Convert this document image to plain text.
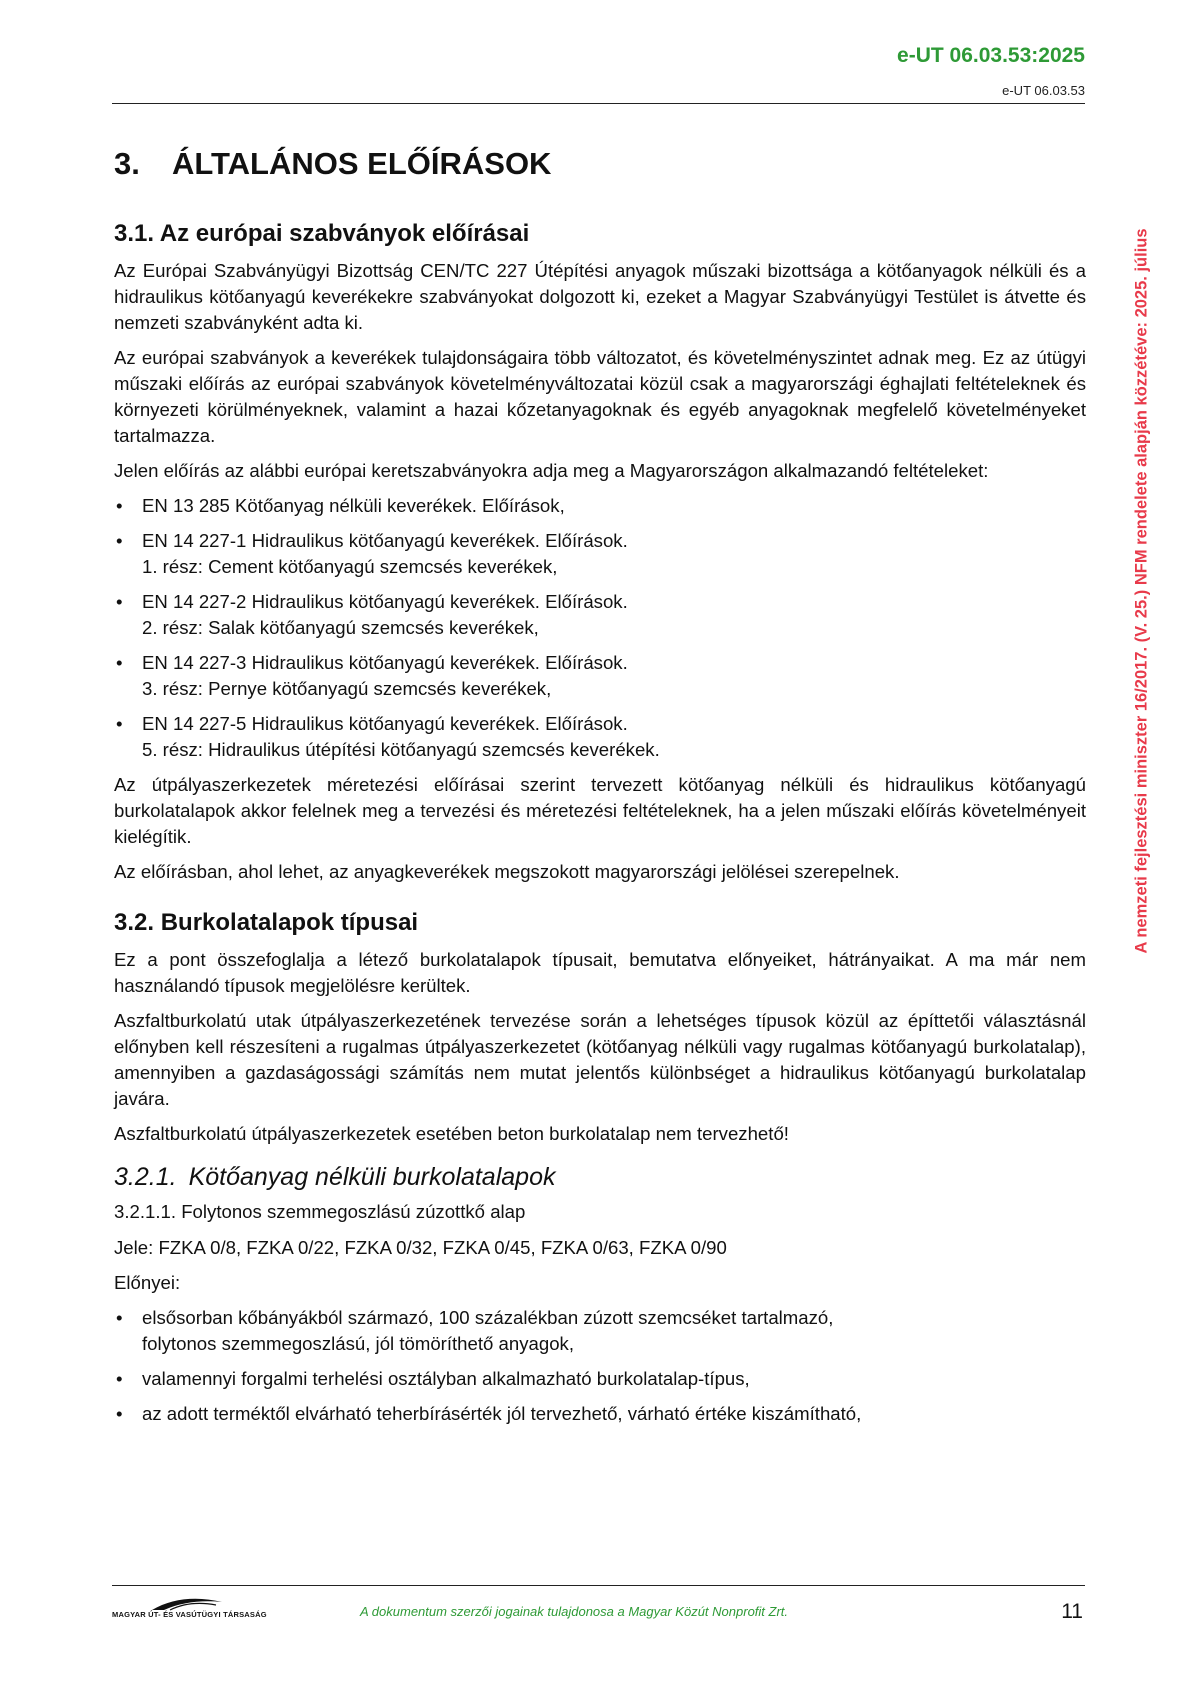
e-UT 06.03.53:2025
e-UT 06.03.53
A nemzeti fejlesztési miniszter 16/2017. (V. 25.) NFM rendelete alapján közzétéve: 2025. július
3. ÁLTALÁNOS ELŐÍRÁSOK
3.1. Az európai szabványok előírásai

Az Európai Szabványügyi Bizottság CEN/TC 227 Útépítési anyagok műszaki bizottsága a kötőanyagok nélküli és a hidraulikus kötőanyagú keverékekre szabványokat dolgozott ki, ezeket a Magyar Szabványügyi Testület is átvette és nemzeti szabványként adta ki.

Az európai szabványok a keverékek tulajdonságaira több változatot, és követelményszintet adnak meg. Ez az útügyi műszaki előírás az európai szabványok követelményváltozatai közül csak a magyarországi éghajlati feltételeknek és környezeti körülményeknek, valamint a hazai kőzetanyagoknak és egyéb anyagoknak megfelelő követelményeket tartalmazza.

Jelen előírás az alábbi európai keretszabványokra adja meg a Magyarországon alkalmazandó feltételeket:

• EN 13 285 Kötőanyag nélküli keverékek. Előírások,
• EN 14 227-1 Hidraulikus kötőanyagú keverékek. Előírások.
1. rész: Cement kötőanyagú szemcsés keverékek,
• EN 14 227-2 Hidraulikus kötőanyagú keverékek. Előírások.
2. rész: Salak kötőanyagú szemcsés keverékek,
• EN 14 227-3 Hidraulikus kötőanyagú keverékek. Előírások.
3. rész: Pernye kötőanyagú szemcsés keverékek,
• EN 14 227-5 Hidraulikus kötőanyagú keverékek. Előírások.
5. rész: Hidraulikus útépítési kötőanyagú szemcsés keverékek.

Az útpályaszerkezetek méretezési előírásai szerint tervezett kötőanyag nélküli és hidraulikus kötőanyagú burkolatalapok akkor felelnek meg a tervezési és méretezési feltételeknek, ha a jelen műszaki előírás követelményeit kielégítik.

Az előírásban, ahol lehet, az anyagkeverékek megszokott magyarországi jelölései szerepelnek.

3.2. Burkolatalapok típusai

Ez a pont összefoglalja a létező burkolatalapok típusait, bemutatva előnyeiket, hátrányaikat. A ma már nem használandó típusok megjelölésre kerültek.

Aszfaltburkolatú utak útpályaszerkezetének tervezése során a lehetséges típusok közül az építtetői választásnál előnyben kell részesíteni a rugalmas útpályaszerkezetet (kötőanyag nélküli vagy rugalmas kötőanyagú burkolatalap), amennyiben a gazdaságossági számítás nem mutat jelentős különbséget a hidraulikus kötőanyagú burkolatalap javára.

Aszfaltburkolatú útpályaszerkezetek esetében beton burkolatalap nem tervezhető!

3.2.1. Kötőanyag nélküli burkolatalapok
3.2.1.1. Folytonos szemmegoszlású zúzottkő alap

Jele: FZKA 0/8, FZKA 0/22, FZKA 0/32, FZKA 0/45, FZKA 0/63, FZKA 0/90

Előnyei:

• elsősorban kőbányákból származó, 100 százalékban zúzott szemcséket tartalmazó,
folytonos szemmegoszlású, jól tömöríthető anyagok,
• valamennyi forgalmi terhelési osztályban alkalmazható burkolatalap-típus,
• az adott terméktől elvárható teherbírásérték jól tervezhető, várható értéke kiszámítható,
MAGYAR ÚT- ÉS VASÚTÜGYI TÁRSASÁG	A dokumentum szerzői jogainak tulajdonosa a Magyar Közút Nonprofit Zrt.	11
